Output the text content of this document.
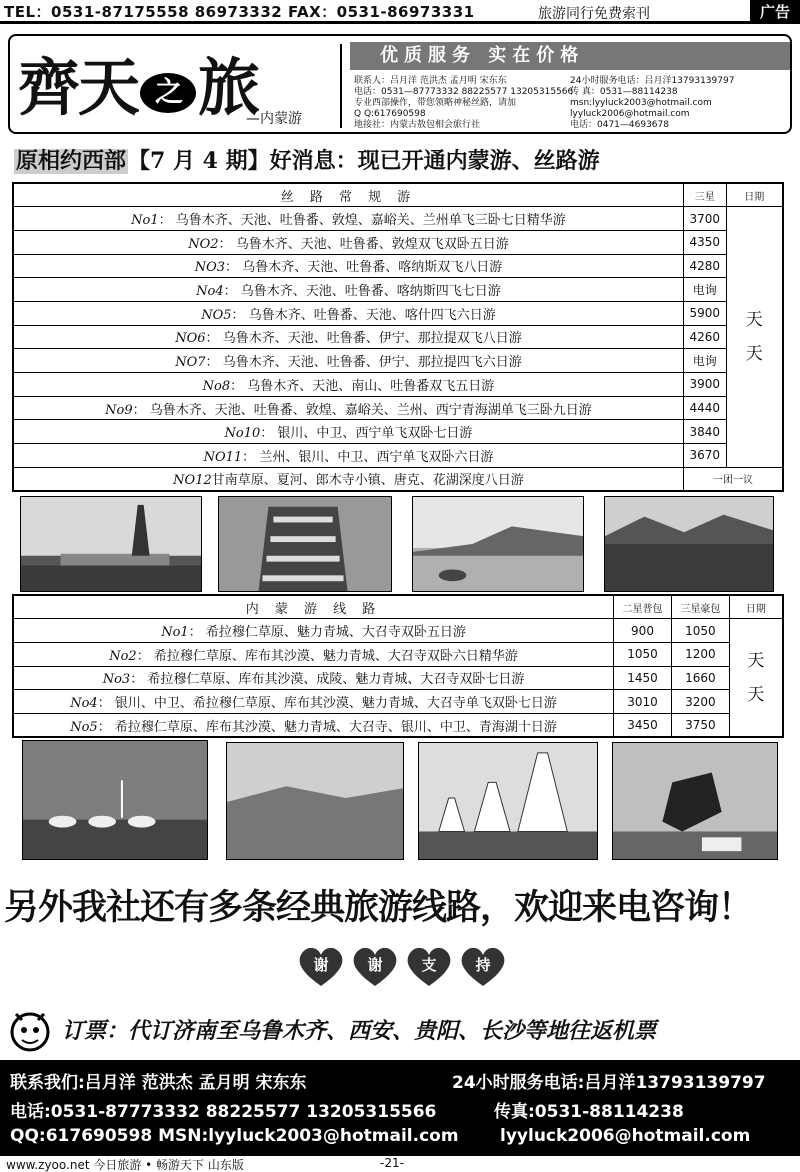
TEL：0531-87175558 86973332 FAX：0531-86973331	旅游同行免费索刊	广告
齊天 之 旅
—内蒙游
优质服务 实在价格
联系人：吕月洋 范洪杰 孟月明 宋东东
电话：0531—87773332 88225577 13205315566
专业西部操作，带您领略神秘丝路，请加
Q Q:617690598
地接社：内蒙古敖包相会旅行社
24小时服务电话：吕月洋13793139797
传 真：0531—88114238
msn:lyyluck2003@hotmail.com
lyyluck2006@hotmail.com
电话：0471—4693678
原相约西部【7 月 4 期】好消息：现已开通内蒙游、丝路游
丝 路 常 规 游	三星	日期
No1： 乌鲁木齐、天池、吐鲁番、敦煌、嘉峪关、兰州单飞三卧七日精华游	3700	天
天
NO2： 乌鲁木齐、天池、吐鲁番、敦煌双飞双卧五日游	4350	
NO3： 乌鲁木齐、天池、吐鲁番、喀纳斯双飞八日游	4280	
No4： 乌鲁木齐、天池、吐鲁番、喀纳斯四飞七日游	电询	
NO5： 乌鲁木齐、吐鲁番、天池、喀什四飞六日游	5900	
NO6： 乌鲁木齐、天池、吐鲁番、伊宁、那拉提双飞八日游	4260	
NO7： 乌鲁木齐、天池、吐鲁番、伊宁、那拉提四飞六日游	电询	
No8： 乌鲁木齐、天池、南山、吐鲁番双飞五日游	3900	
No9： 乌鲁木齐、天池、吐鲁番、敦煌、嘉峪关、兰州、西宁青海湖单飞三卧九日游	4440	
No10： 银川、中卫、西宁单飞双卧七日游	3840	
NO11： 兰州、银川、中卫、西宁单飞双卧六日游	3670	
NO12甘南草原、夏河、郎木寺小镇、唐克、花湖深度八日游	一团一议	
内 蒙 游 线 路	二星普包	三星豪包	日期
No1： 希拉穆仁草原、魅力青城、大召寺双卧五日游	900	1050	天
天
No2： 希拉穆仁草原、库布其沙漠、魅力青城、大召寺双卧六日精华游	1050	1200	
No3： 希拉穆仁草原、库布其沙漠、成陵、魅力青城、大召寺双卧七日游	1450	1660	
No4： 银川、中卫、希拉穆仁草原、库布其沙漠、魅力青城、大召寺单飞双卧七日游	3010	3200	
No5： 希拉穆仁草原、库布其沙漠、魅力青城、大召寺、银川、中卫、青海湖十日游	3450	3750	
另外我社还有多条经典旅游线路，欢迎来电咨询！
谢	谢	支	持
订票：代订济南至乌鲁木齐、西安、贵阳、长沙等地往返机票
联系我们:吕月洋 范洪杰 孟月明 宋东东	24小时服务电话:吕月洋13793139797
电话:0531-87773332 88225577 13205315566	传真:0531-88114238
QQ:617690598 MSN:lyyluck2003@hotmail.com lyyluck2006@hotmail.com
www.zyoo.net 今日旅游 • 畅游天下 山东版	-21-
